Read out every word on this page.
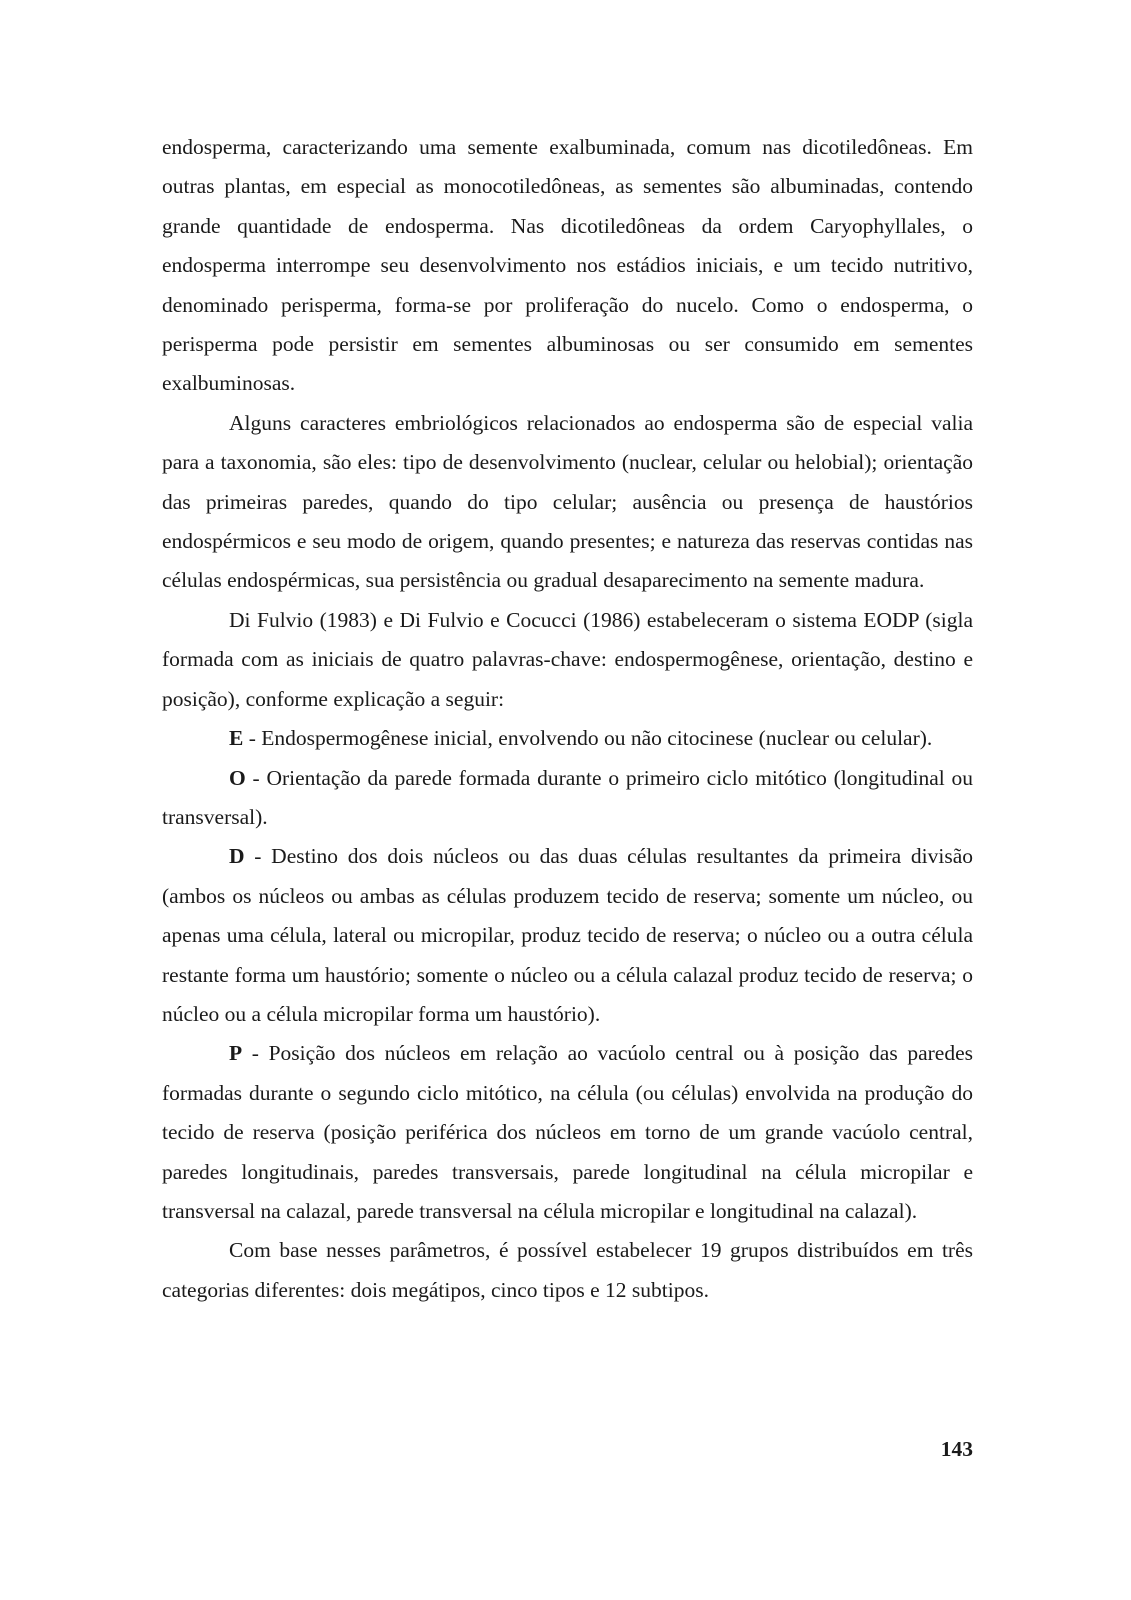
endosperma, caracterizando uma semente exalbuminada, comum nas dicotiledôneas. Em outras plantas, em especial as monocotiledôneas, as sementes são albuminadas, contendo grande quantidade de endosperma. Nas dicotiledôneas da ordem Caryophyllales, o endosperma interrompe seu desenvolvimento nos estádios iniciais, e um tecido nutritivo, denominado perisperma, forma-se por proliferação do nucelo. Como o endosperma, o perisperma pode persistir em sementes albuminosas ou ser consumido em sementes exalbuminosas.

Alguns caracteres embriológicos relacionados ao endosperma são de especial valia para a taxonomia, são eles: tipo de desenvolvimento (nuclear, celular ou helobial); orientação das primeiras paredes, quando do tipo celular; ausência ou presença de haustórios endospérmicos e seu modo de origem, quando presentes; e natureza das reservas contidas nas células endospérmicas, sua persistência ou gradual desaparecimento na semente madura.

Di Fulvio (1983) e Di Fulvio e Cocucci (1986) estabeleceram o sistema EODP (sigla formada com as iniciais de quatro palavras-chave: endospermogênese, orientação, destino e posição), conforme explicação a seguir:

E - Endospermogênese inicial, envolvendo ou não citocinese (nuclear ou celular).

O - Orientação da parede formada durante o primeiro ciclo mitótico (longitudinal ou transversal).

D - Destino dos dois núcleos ou das duas células resultantes da primeira divisão (ambos os núcleos ou ambas as células produzem tecido de reserva; somente um núcleo, ou apenas uma célula, lateral ou micropilar, produz tecido de reserva; o núcleo ou a outra célula restante forma um haustório; somente o núcleo ou a célula calazal produz tecido de reserva; o núcleo ou a célula micropilar forma um haustório).

P - Posição dos núcleos em relação ao vacúolo central ou à posição das paredes formadas durante o segundo ciclo mitótico, na célula (ou células) envolvida na produção do tecido de reserva (posição periférica dos núcleos em torno de um grande vacúolo central, paredes longitudinais, paredes transversais, parede longitudinal na célula micropilar e transversal na calazal, parede transversal na célula micropilar e longitudinal na calazal).

Com base nesses parâmetros, é possível estabelecer 19 grupos distribuídos em três categorias diferentes: dois megátipos, cinco tipos e 12 subtipos.

143
